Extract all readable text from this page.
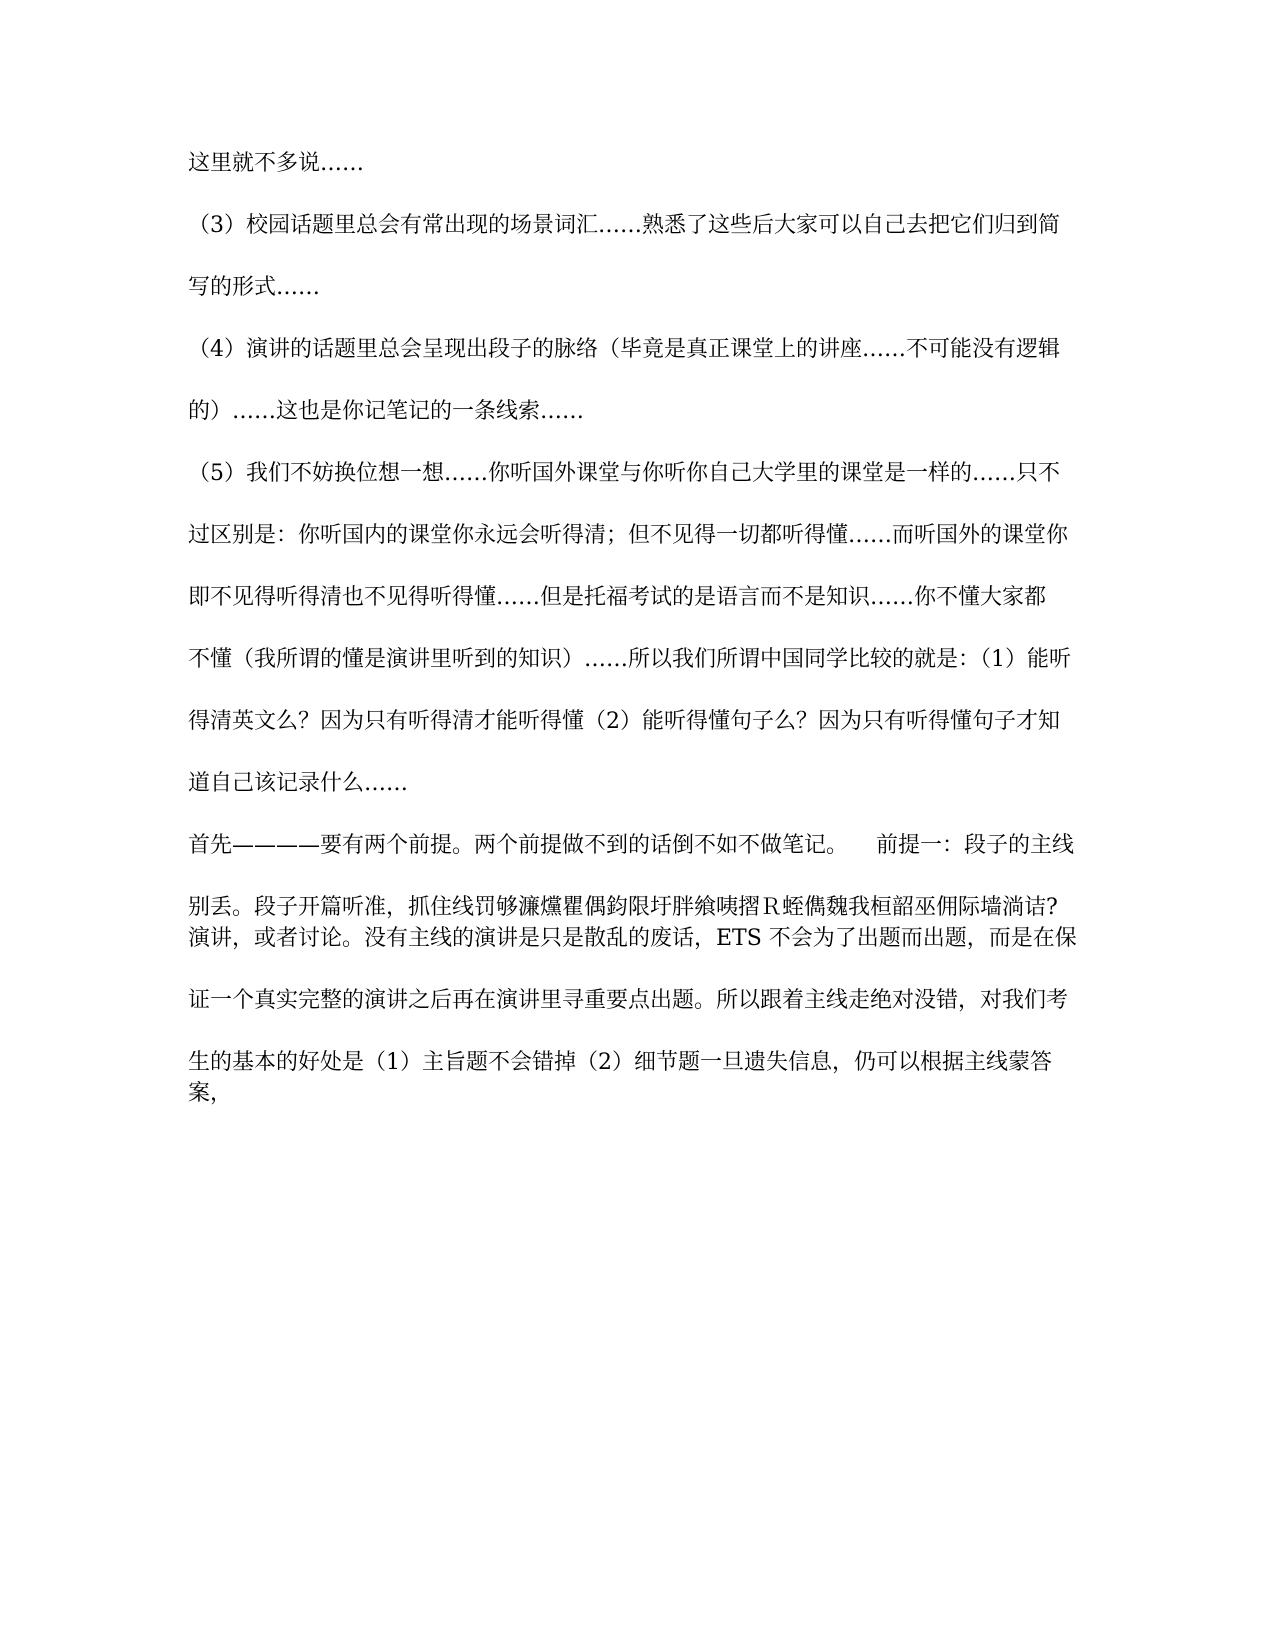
这里就不多说……

（3）校园话题里总会有常出现的场景词汇……熟悉了这些后大家可以自己去把它们归到简

写的形式……

（4）演讲的话题里总会呈现出段子的脉络（毕竟是真正课堂上的讲座……不可能没有逻辑

的）……这也是你记笔记的一条线索……

（5）我们不妨换位想一想……你听国外课堂与你听你自己大学里的课堂是一样的……只不

过区别是：你听国内的课堂你永远会听得清；但不见得一切都听得懂……而听国外的课堂你

即不见得听得清也不见得听得懂……但是托福考试的是语言而不是知识……你不懂大家都

不懂（我所谓的懂是演讲里听到的知识）……所以我们所谓中国同学比较的就是：（1）能听

得清英文么？因为只有听得清才能听得懂（2）能听得懂句子么？因为只有听得懂句子才知

道自己该记录什么……

首先————要有两个前提。两个前提做不到的话倒不如不做笔记。    前提一：段子的主线

别丢。段子开篇听准，抓住线罚够濂爣瞿偶鈞限圩胖飨咦摺Ｒ蛭儁魏我桓韶巫佣际墙淌诘?

演讲，或者讨论。没有主线的演讲是只是散乱的废话，ETS 不会为了出题而出题，而是在保

证一个真实完整的演讲之后再在演讲里寻重要点出题。所以跟着主线走绝对没错，对我们考

生的基本的好处是（1）主旨题不会错掉（2）细节题一旦遗失信息，仍可以根据主线蒙答案，
